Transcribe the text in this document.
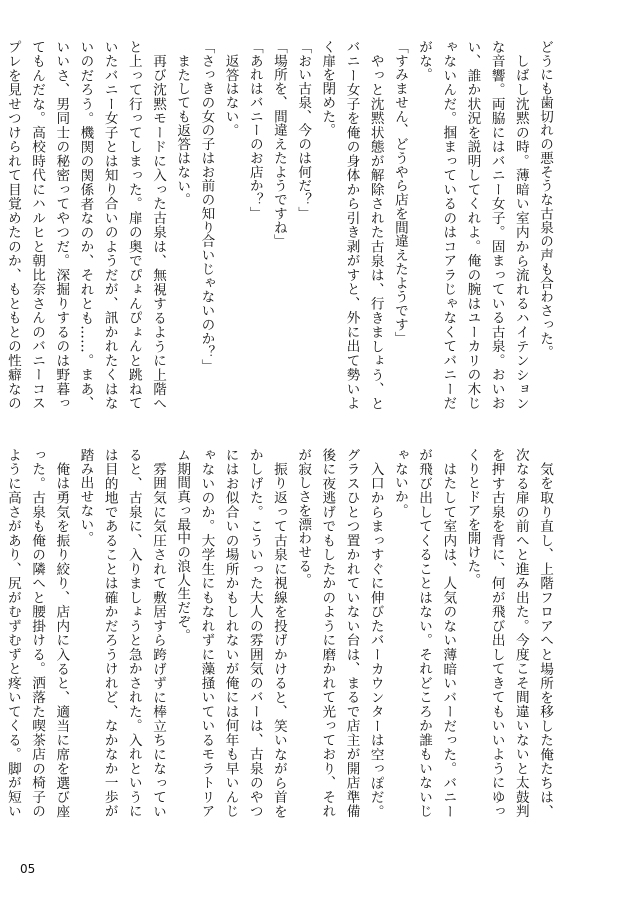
どうにも歯切れの悪そうな古泉の声も合わさった。

しばし沈黙の時。薄暗い室内から流れるハイテンションな音響。両脇にはバニー女子。固まっている古泉。おいおい、誰か状況を説明してくれよ。俺の腕はユーカリの木じゃないんだ。掴まっているのはコアラじゃなくてバニーだがな。

「すみません、どうやら店を間違えたようです」

やっと沈黙状態が解除された古泉は、行きましょう、とバニー女子を俺の身体から引き剥がすと、外に出て勢いよく扉を閉めた。

「おい古泉、今のは何だ？」

「場所を、間違えたようですね」

「あれはバニーのお店か？」

返答はない。

「さっきの女の子はお前の知り合いじゃないのか？」

またしても返答はない。

再び沈黙モードに入った古泉は、無視するように上階へと上って行ってしまった。扉の奥でぴょんぴょんと跳ねていたバニー女子とは知り合いのようだが、訊かれたくはないのだろう。機関の関係者なのか、それとも……。まあ、いいさ、男同士の秘密ってやつだ。深掘りするのは野暮ってもんだな。高校時代にハルヒと朝比奈さんのバニーコスプレを見せつけられて目覚めたのか、もともとの性癖なの

気を取り直し、上階フロアへと場所を移した俺たちは、次なる扉の前へと進み出た。今度こそ間違いないと太鼓判を押す古泉を背に、何が飛び出してきてもいいようにゆっくりとドアを開けた。

はたして室内は、人気のない薄暗いバーだった。バニーが飛び出してくることはない。それどころか誰もいないじゃないか。

入口からまっすぐに伸びたバーカウンターは空っぽだ。グラスひとつ置かれていない台は、まるで店主が開店準備後に夜逃げでもしたかのように磨かれて光っており、それが寂しさを漂わせる。

振り返って古泉に視線を投げかけると、笑いながら首をかしげた。こういった大人の雰囲気のバーは、古泉のやつにはお似合いの場所かもしれないが俺には何年も早いんじゃないのか。大学生にもなれずに藻掻いているモラトリアム期間真っ最中の浪人生だぞ。

雰囲気に気圧されて敷居すら跨げずに棒立ちになっていると、古泉に、入りましょうと急かされた。入れというには目的地であることは確かだろうけれど、なかなか一歩が踏み出せない。

俺は勇気を振り絞り、店内に入ると、適当に席を選び座った。古泉も俺の隣へと腰掛ける。洒落た喫茶店の椅子のように高さがあり、尻がむずむずと疼いてくる。脚が短い

05
